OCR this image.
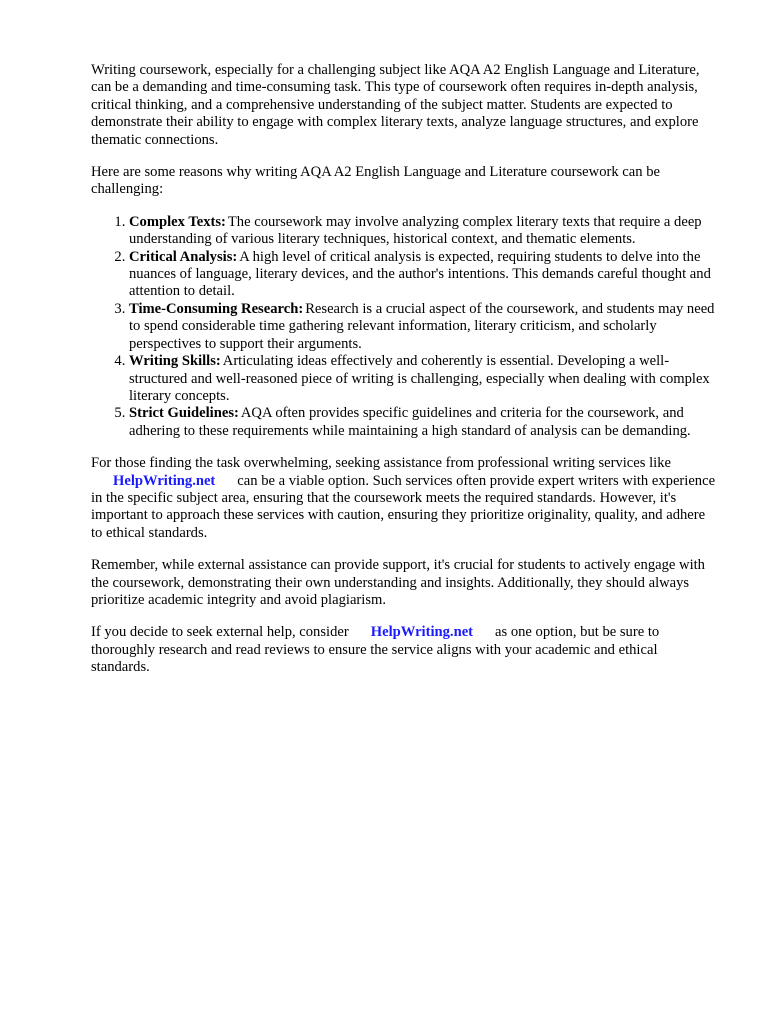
Writing coursework, especially for a challenging subject like AQA A2 English Language and Literature, can be a demanding and time-consuming task. This type of coursework often requires in-depth analysis, critical thinking, and a comprehensive understanding of the subject matter. Students are expected to demonstrate their ability to engage with complex literary texts, analyze language structures, and explore thematic connections.

Here are some reasons why writing AQA A2 English Language and Literature coursework can be challenging:

1. Complex Texts: The coursework may involve analyzing complex literary texts that require a deep understanding of various literary techniques, historical context, and thematic elements.
2. Critical Analysis: A high level of critical analysis is expected, requiring students to delve into the nuances of language, literary devices, and the author's intentions. This demands careful thought and attention to detail.
3. Time-Consuming Research: Research is a crucial aspect of the coursework, and students may need to spend considerable time gathering relevant information, literary criticism, and scholarly perspectives to support their arguments.
4. Writing Skills: Articulating ideas effectively and coherently is essential. Developing a well-structured and well-reasoned piece of writing is challenging, especially when dealing with complex literary concepts.
5. Strict Guidelines: AQA often provides specific guidelines and criteria for the coursework, and adhering to these requirements while maintaining a high standard of analysis can be demanding.

For those finding the task overwhelming, seeking assistance from professional writing services like
HelpWriting.net can be a viable option. Such services often provide expert writers with experience in the specific subject area, ensuring that the coursework meets the required standards. However, it's important to approach these services with caution, ensuring they prioritize originality, quality, and adhere to ethical standards.

Remember, while external assistance can provide support, it's crucial for students to actively engage with the coursework, demonstrating their own understanding and insights. Additionally, they should always prioritize academic integrity and avoid plagiarism.

If you decide to seek external help, consider HelpWriting.net as one option, but be sure to thoroughly research and read reviews to ensure the service aligns with your academic and ethical standards.
